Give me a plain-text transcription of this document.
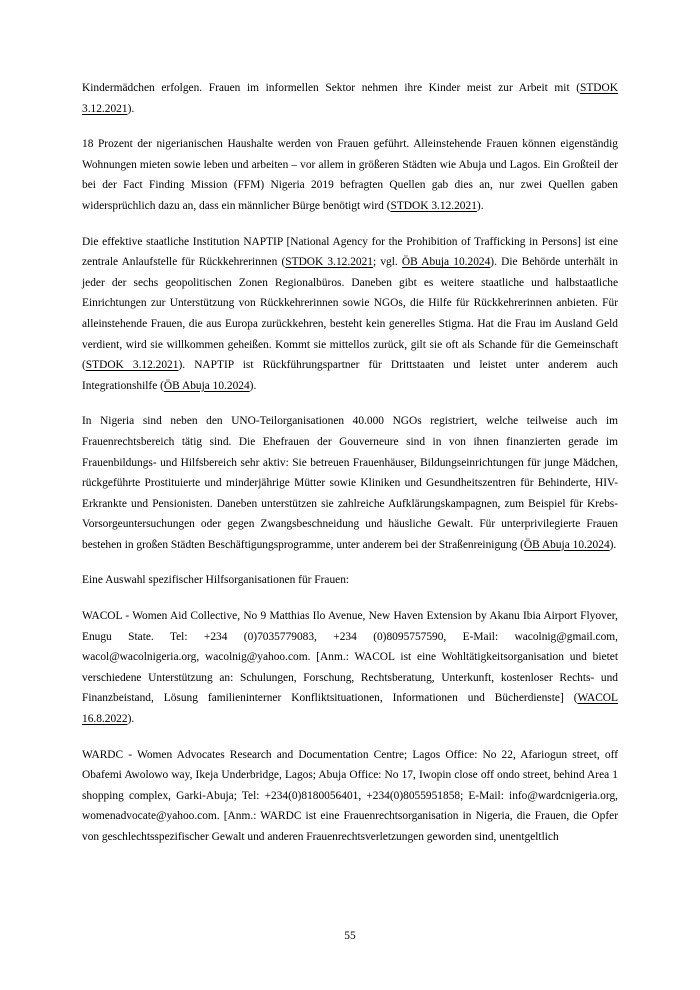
Kindermädchen erfolgen. Frauen im informellen Sektor nehmen ihre Kinder meist zur Arbeit mit (STDOK 3.12.2021).

18 Prozent der nigerianischen Haushalte werden von Frauen geführt. Alleinstehende Frauen können eigenständig Wohnungen mieten sowie leben und arbeiten – vor allem in größeren Städten wie Abuja und Lagos. Ein Großteil der bei der Fact Finding Mission (FFM) Nigeria 2019 befragten Quellen gab dies an, nur zwei Quellen gaben widersprüchlich dazu an, dass ein männlicher Bürge benötigt wird (STDOK 3.12.2021).

Die effektive staatliche Institution NAPTIP [National Agency for the Prohibition of Trafficking in Persons] ist eine zentrale Anlaufstelle für Rückkehrerinnen (STDOK 3.12.2021; vgl. ÖB Abuja 10.2024). Die Behörde unterhält in jeder der sechs geopolitischen Zonen Regionalbüros. Daneben gibt es weitere staatliche und halbstaatliche Einrichtungen zur Unterstützung von Rückkehrerinnen sowie NGOs, die Hilfe für Rückkehrerinnen anbieten. Für alleinstehende Frauen, die aus Europa zurückkehren, besteht kein generelles Stigma. Hat die Frau im Ausland Geld verdient, wird sie willkommen geheißen. Kommt sie mittellos zurück, gilt sie oft als Schande für die Gemeinschaft (STDOK 3.12.2021). NAPTIP ist Rückführungspartner für Drittstaaten und leistet unter anderem auch Integrationshilfe (ÖB Abuja 10.2024).

In Nigeria sind neben den UNO-Teilorganisationen 40.000 NGOs registriert, welche teilweise auch im Frauenrechtsbereich tätig sind. Die Ehefrauen der Gouverneure sind in von ihnen finanzierten gerade im Frauenbildungs- und Hilfsbereich sehr aktiv: Sie betreuen Frauenhäuser, Bildungseinrichtungen für junge Mädchen, rückgeführte Prostituierte und minderjährige Mütter sowie Kliniken und Gesundheitszentren für Behinderte, HIV-Erkrankte und Pensionisten. Daneben unterstützen sie zahlreiche Aufklärungskampagnen, zum Beispiel für Krebs-Vorsorgeuntersuchungen oder gegen Zwangsbeschneidung und häusliche Gewalt. Für unterprivilegierte Frauen bestehen in großen Städten Beschäftigungsprogramme, unter anderem bei der Straßenreinigung (ÖB Abuja 10.2024).

Eine Auswahl spezifischer Hilfsorganisationen für Frauen:

WACOL - Women Aid Collective, No 9 Matthias Ilo Avenue, New Haven Extension by Akanu Ibia Airport Flyover, Enugu State. Tel: +234 (0)7035779083, +234 (0)8095757590, E-Mail: wacolnig@gmail.com, wacol@wacolnigeria.org, wacolnig@yahoo.com. [Anm.: WACOL ist eine Wohltätigkeitsorganisation und bietet verschiedene Unterstützung an: Schulungen, Forschung, Rechtsberatung, Unterkunft, kostenloser Rechts- und Finanzbeistand, Lösung familieninterner Konfliktsituationen, Informationen und Bücherdienste] (WACOL 16.8.2022).

WARDC - Women Advocates Research and Documentation Centre; Lagos Office: No 22, Afariogun street, off Obafemi Awolowo way, Ikeja Underbridge, Lagos; Abuja Office: No 17, Iwopin close off ondo street, behind Area 1 shopping complex, Garki-Abuja; Tel: +234(0)8180056401, +234(0)8055951858; E-Mail: info@wardcnigeria.org, womenadvocate@yahoo.com. [Anm.: WARDC ist eine Frauenrechtsorganisation in Nigeria, die Frauen, die Opfer von geschlechtsspezifischer Gewalt und anderen Frauenrechtsverletzungen geworden sind, unentgeltlich

55
